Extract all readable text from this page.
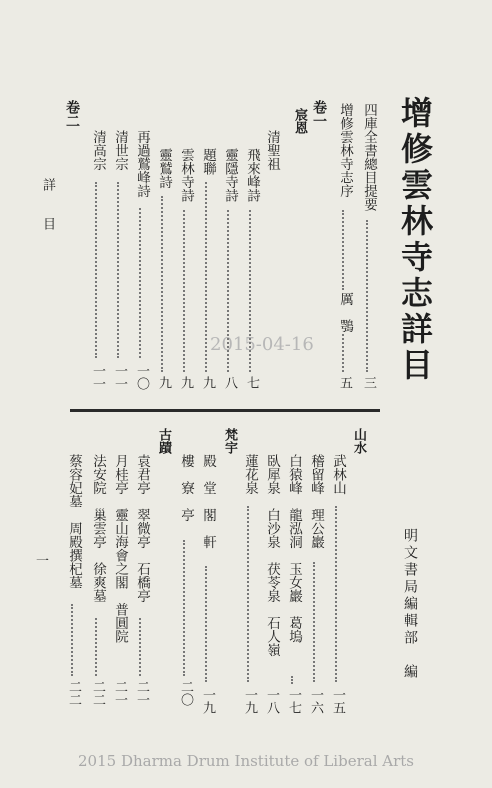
增修雲林寺志詳目
明文書局編輯部　編
詳　　目
一
2015-04-16
四庫全書總目提要
三
增修雲林寺志序
厲　鶚
五
卷一
宸恩
清聖祖
飛來峰詩
七
靈隱寺詩
八
題聯
九
雲林寺詩
九
靈鷲詩
九
再過鷲峰詩
一〇
清世宗
一一
清高宗
一一
卷二
山水
武林山
一五
稽留峰　理公巖
一六
白猿峰　龍泓洞　玉女巖　葛塢
一七
臥犀泉　白沙泉　茯苓泉　石人嶺
一八
蓮花泉
一九
梵宇
殿　堂　閣　軒
一九
樓　寮　亭
二〇
古蹟
袁君亭　翠微亭　石橋亭
二一
月桂亭　靈山海會之閣　普圓院
二一
法安院　巢雲亭　徐爽墓
二二
蔡容妃墓　周殿撰杞墓
二二
2015 Dharma Drum Institute of Liberal Arts
